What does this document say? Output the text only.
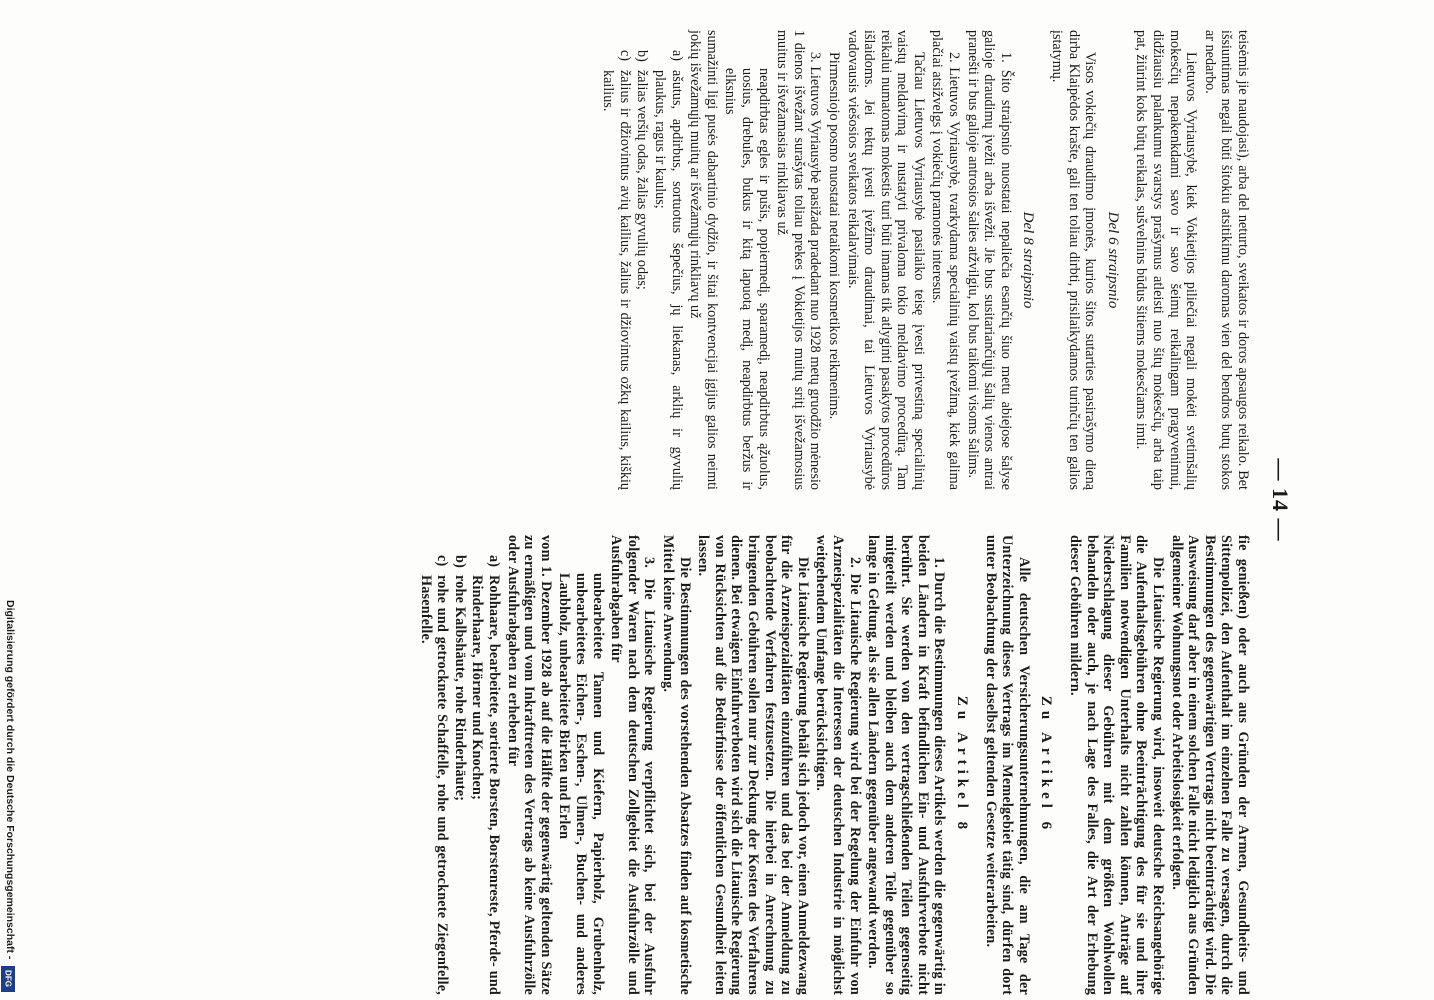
— 14 —

fie genießen) oder auch aus Gründen der Armen, Gesundheits- und Sittenpolizei, den Aufenthalt im einzelnen Falle zu versagen, durch die Bestimmungen des gegenwärtigen Vertrags nicht beeinträchtigt wird. Die Ausweisung darf aber in einem solchen Falle nicht lediglich aus Gründen allgemeiner Wohnungsnot oder Arbeitslosigkeit erfolgen.

Die Litauische Regierung wird, insoweit deutsche Reichsangehörige die Aufenthaltsgebühren ohne Beeinträchtigung des für sie und ihre Familien notwendigen Unterhalts nicht zahlen können, Anträge auf Niederschlagung dieser Gebühren mit dem größten Wohlwollen behandeln oder auch, je nach Lage des Falles, die Art der Erhebung dieser Gebühren mildern.

Zu Artikel 6

Alle deutschen Versicherungsunternehmungen, die am Tage der Unterzeichnung dieses Vertrags im Memelgebiet tätig sind, dürfen dort unter Beobachtung der daselbst geltenden Gesetze weiterarbeiten.

Zu Artikel 8

1. Durch die Bestimmungen dieses Artikels werden die gegenwärtig in beiden Ländern in Kraft befindlichen Ein- und Ausfuhrverbote nicht berührt. Sie werden von den vertragschließenden Teilen gegenseitig mitgeteilt werden und bleiben auch dem anderen Teile gegenüber so lange in Geltung, als sie allen Ländern gegenüber angewandt werden.

2. Die Litauische Regierung wird bei der Regelung der Einfuhr von Arzneispezialitäten die Interessen der deutschen Industrie in möglichst weitgehendem Umfange berücksichtigen.

Die Litauische Regierung behält sich jedoch vor, einen Anmeldezwang für die Arzneispezialitäten einzuführen und das bei der Anmeldung zu beobachtende Verfahren festzusetzen. Die hierbei in Anrechnung zu bringenden Gebühren sollen nur zur Deckung der Kosten des Verfahrens dienen. Bei etwaigen Einfuhrverboten wird sich die Litauische Regierung von Rücksichten auf die Bedürfnisse der öffentlichen Gesundheit leiten lassen.

Die Bestimmungen des vorstehenden Absatzes finden auf kosmetische Mittel keine Anwendung.

3. Die Litauische Regierung verpflichtet sich, bei der Ausfuhr folgender Waren nach dem deutschen Zollgebiet die Ausfuhrzölle und Ausfuhrabgaben für

unbearbeitete Tannen und Kiefern, Papierholz, Grubenholz, unbearbeitetes Eichen-, Eschen-, Ulmen-, Buchen- und anderes Laubholz, unbearbeitete Birken und Erlen

vom 1. Dezember 1928 ab auf die Hälfte der gegenwärtig geltenden Sätze zu ermäßigen und vom Inkrafttreten des Vertrags ab keine Ausfuhrzölle oder Ausfuhrabgaben zu erheben für

a)
Rohhaare, bearbeitete, sortierte Borsten, Borstenreste, Pferde- und Rinderhaare, Hörner und Knochen;

b)
rohe Kalbshäute, rohe Rinderhäute;

c)
rohe und getrocknete Schaffelle, rohe und getrocknete Ziegenfelle, Hasenfelle.

teisėmis jie naudojasi), arba del neturto, sveikatos ir doros apsaugos reikalo. Bet išsiuntimas negali būti šitokiu atsitikimu daromas vien del bendros butų stokos ar nedarbo.

Lietuvos Vyriausybė, kiek Vokietijos piliečiai negali mokėti svetimšalių mokesčių nepakenkdami savo ir savo šeimų reikalingam pragyvenimui, didžiausiu palankumu svarstys prašymus atleisti nuo šitų mokesčių, arba taip pat, žiūrint koks būtų reikalas, sušvelnins būdus šitiems mokesčiams imti.

Del 6 straipsnio

Visos vokiečių draudimo įmonės, kurios šitos sutarties pasirašymo dieną dirba Klaipėdos krašte, gali ten toliau dirbti, prisilaikydamos turinčių ten galios įstatymų.

Del 8 straipsnio

1. Šito straipsnio nuostatai nepaliečia esančių šiuo metu abiejose šalyse galioje draudimų įvežti arba išvežti. Jie bus susitariančiųjų šalių vienos antrai pranešti ir bus galioje antrosios šalies atžvilgiu, kol bus taikomi visoms šalims.

2. Lietuvos Vyriausybė, tvarkydama specialinių vaistų įvežimą, kiek galima plačiai atsižvelgs į vokiečių pramonės interesus.

Tačiau Lietuvos Vyriausybė pasilaiko teisę įvesti privestiną specialinių vaistų meldavimą ir nustatyti privaloma tokio meldavimo procedūrą. Tam reikalui numatomas mokestis turi būti imamas tik atlyginti pasakytos procedūros išlaidoms. Jei tektų įvesti įvežimo draudimai, tai Lietuvos Vyriausybė vadovausis viešosios sveikatos reikalavimais.

Pirmesniojo posmo nuostatai netaikomi kosmetikos reikmenims.

3. Lietuvos Vyriausybė pasižada pradedant nuo 1928 metų gruodžio mėnesio 1 dienos išvežant surašytas toliau prekes į Vokietijos muitų sritį išvežamosius muitus ir išvežamasias rinkliavas už

neapdirbtas egles ir pušis, popiermedį, sparamedį, neapdirbtus ąžuolus, uosius, drebules, bukus ir kitą lapuotą medį, neapdirbtus beržus ir elksnius

sumažinti ligi pusės dabartinio dydžio, ir šitai kontvencijai įgijus galios neimti jokių išvežamųjų muitų ar išvežamųjų rinkliavų už

a)
ašutus, apdirbus, sortuotus šepečius, jų liekanas, arklių ir gyvulių plaukus, ragus ir kaulus;

b)
žalias veršių odas, žalias gyvulių odas;

c)
žalius ir džiovintus avių kailius, žalius ir džiovintus ožkų kailius, kiškių kailius.

Digitalisierung gefördert durch die Deutsche Forschungsgemeinschaft -
DFG
